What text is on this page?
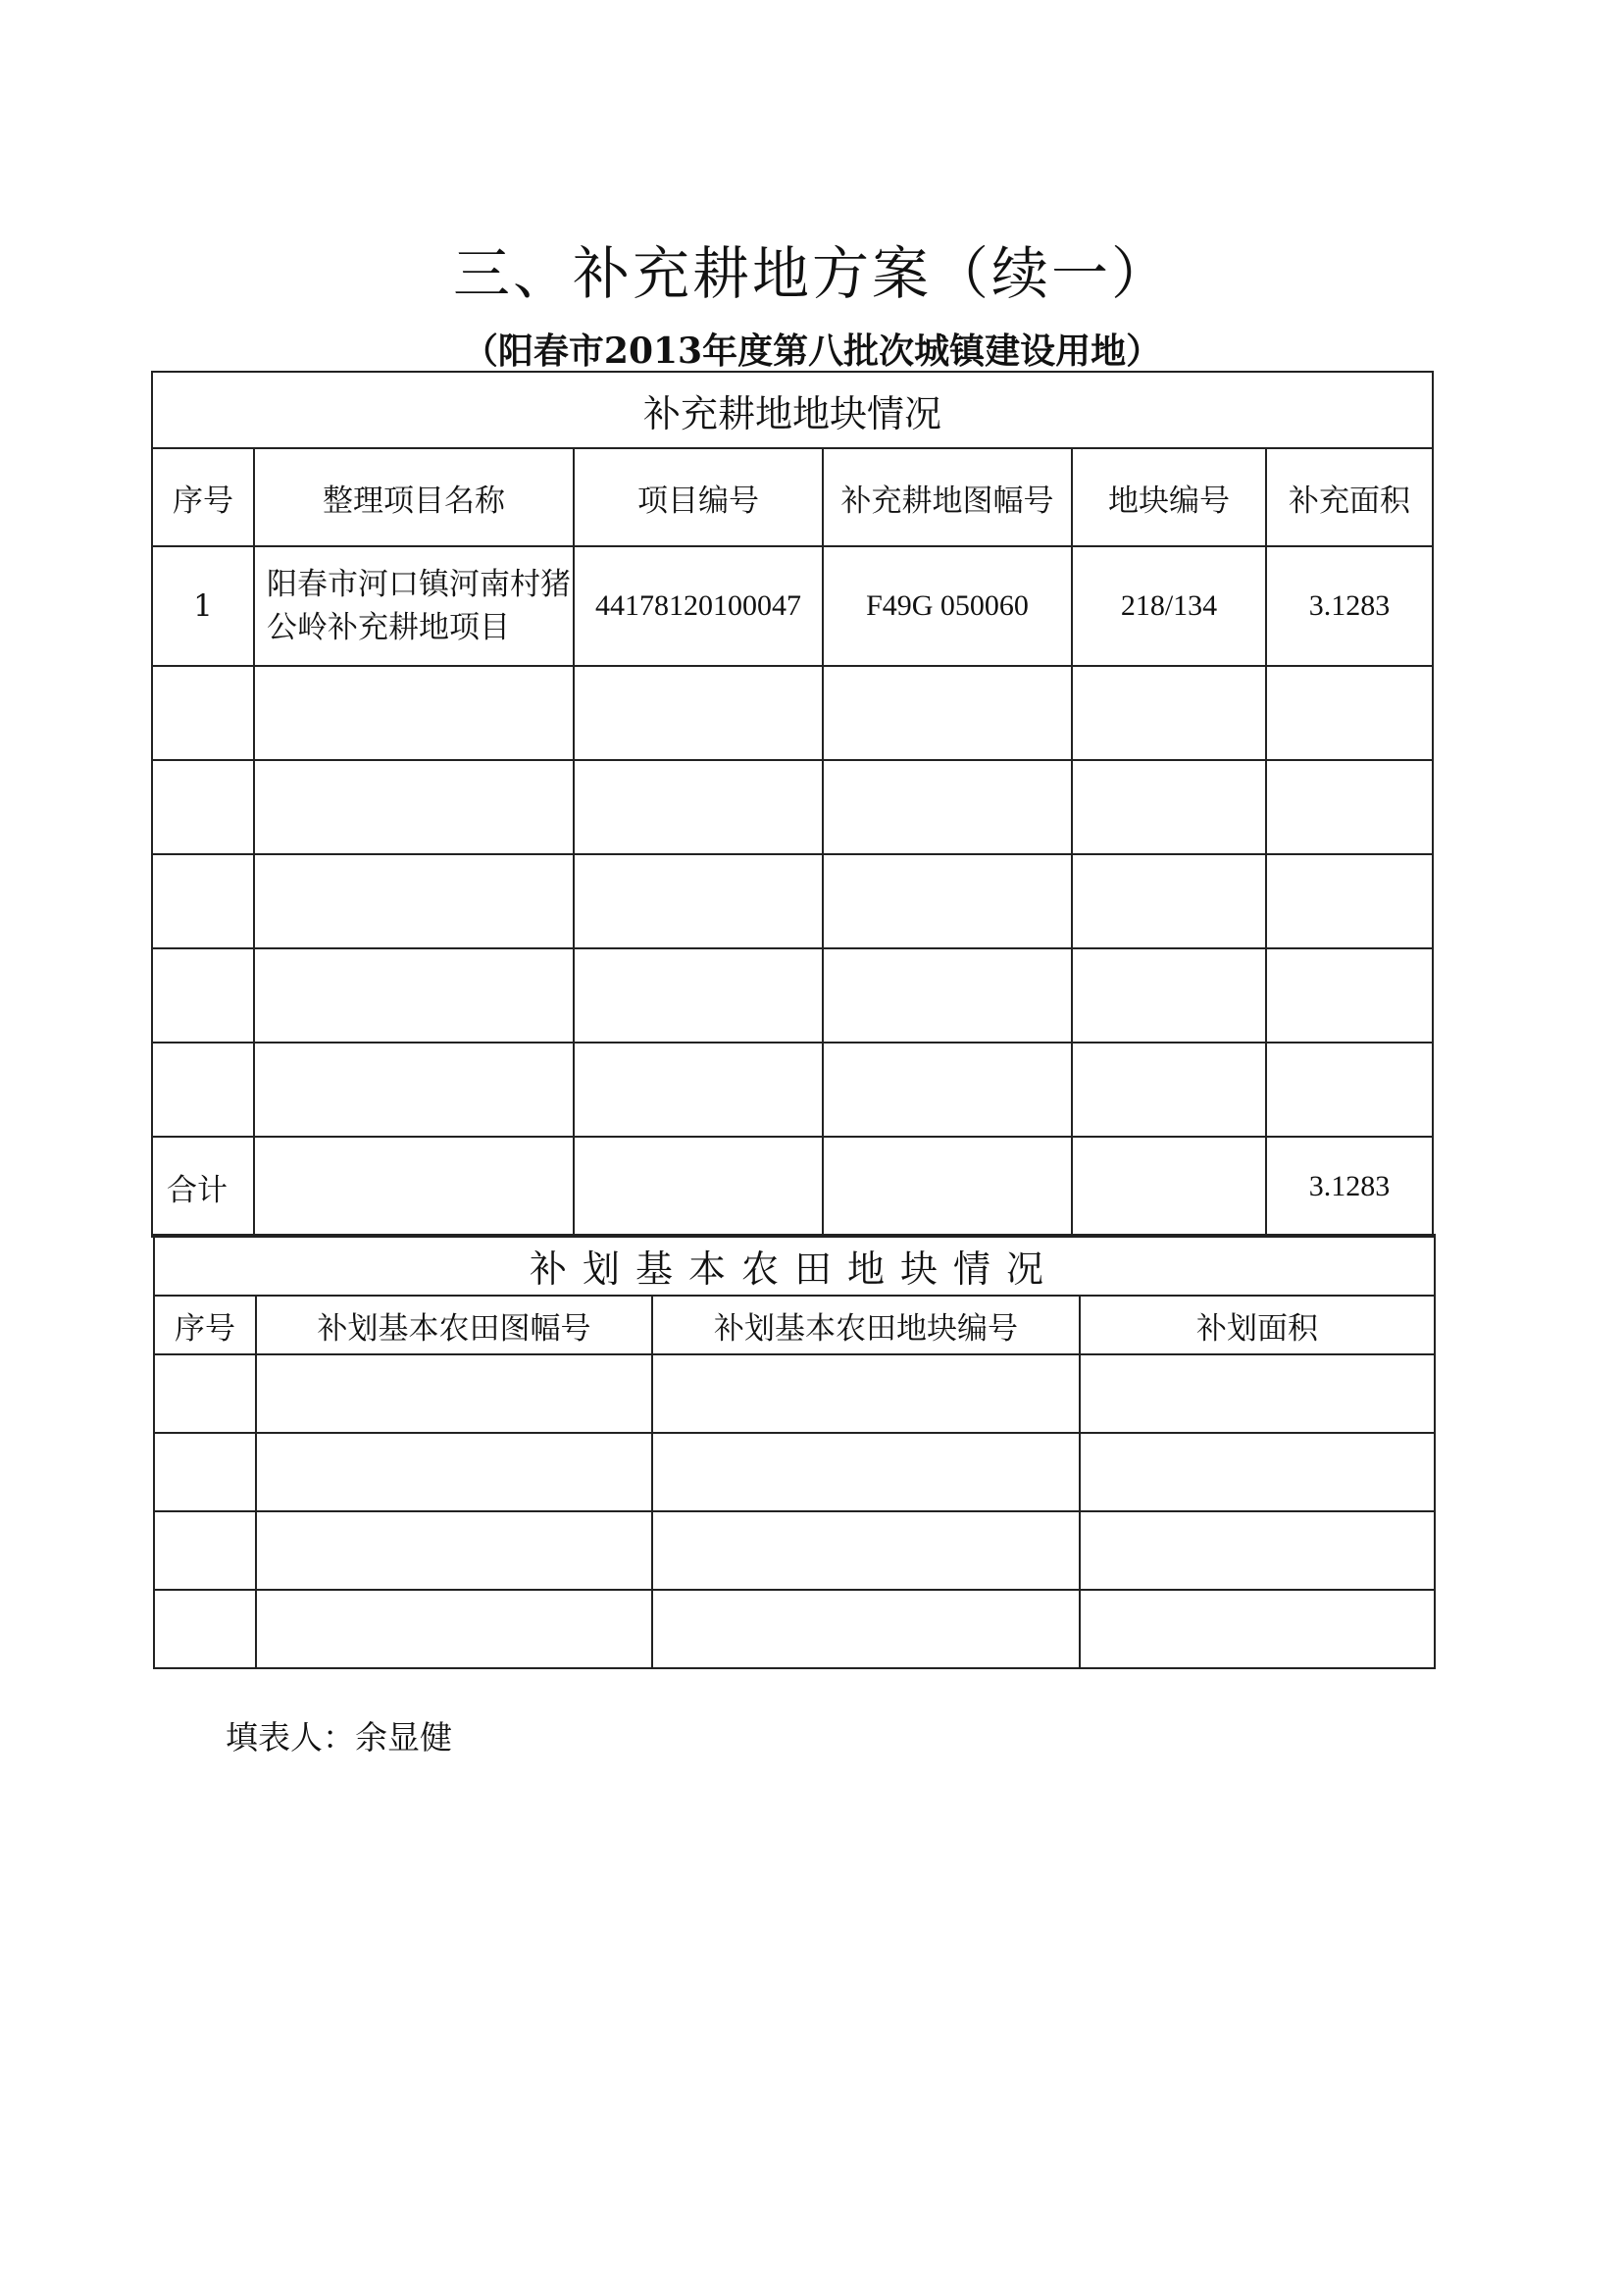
三、补充耕地方案（续一）
（阳春市2013年度第八批次城镇建设用地）
补充耕地地块情况					
序号	整理项目名称	项目编号	补充耕地图幅号	地块编号	补充面积
1	阳春市河口镇河南村猪公岭补充耕地项目	44178120100047	F49G 050060	218/134	3.1283

合计					3.1283
补划基本农田地块情况			
序号	补划基本农田图幅号	补划基本农田地块编号	补划面积

填表人：余显健
